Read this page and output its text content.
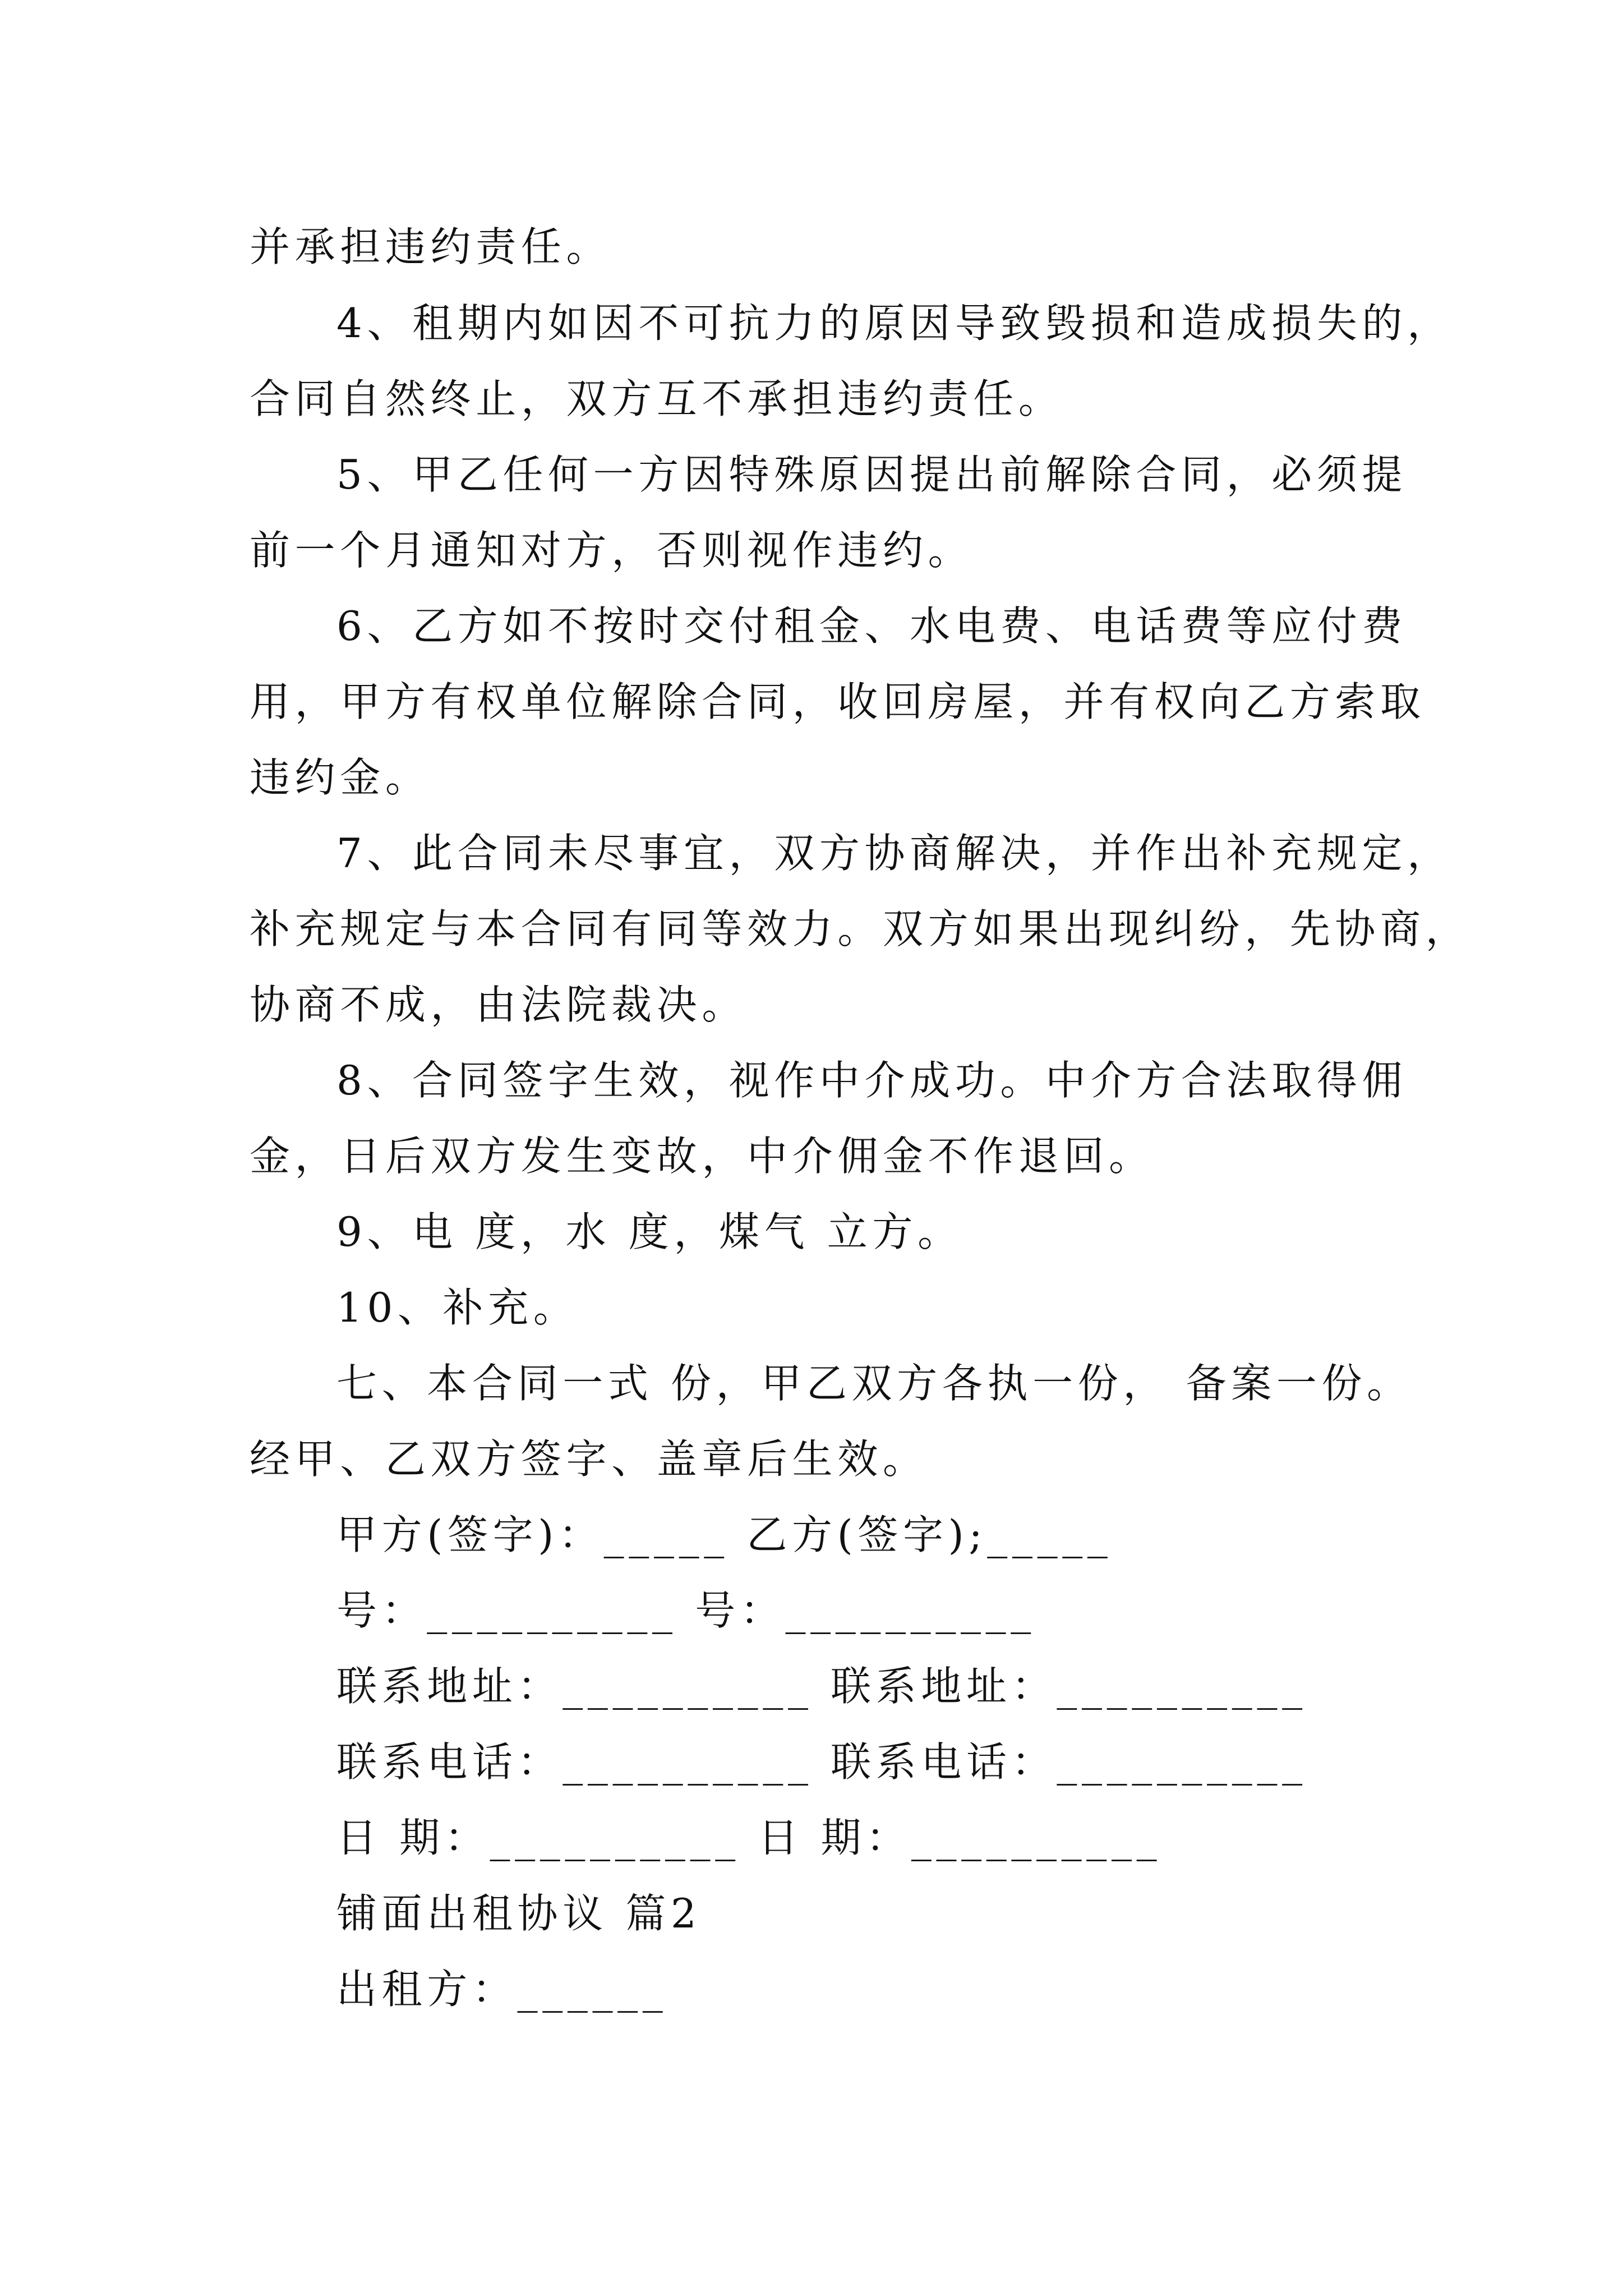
并承担违约责任。
4、租期内如因不可抗力的原因导致毁损和造成损失的，
合同自然终止，双方互不承担违约责任。
5、甲乙任何一方因特殊原因提出前解除合同，必须提
前一个月通知对方，否则视作违约。
6、乙方如不按时交付租金、水电费、电话费等应付费
用，甲方有权单位解除合同，收回房屋，并有权向乙方索取
违约金。
7、此合同未尽事宜，双方协商解决，并作出补充规定，
补充规定与本合同有同等效力。双方如果出现纠纷，先协商，
协商不成，由法院裁决。
8、合同签字生效，视作中介成功。中介方合法取得佣
金，日后双方发生变故，中介佣金不作退回。
9、电 度，水 度，煤气 立方。
10、补充。
七、本合同一式 份，甲乙双方各执一份， 备案一份。
经甲、乙双方签字、盖章后生效。
甲方(签字)：_____ 乙方(签字);_____
号：__________ 号：__________
联系地址：__________ 联系地址：__________
联系电话：__________ 联系电话：__________
日 期：__________ 日 期：__________
铺面出租协议 篇2
出租方：______
